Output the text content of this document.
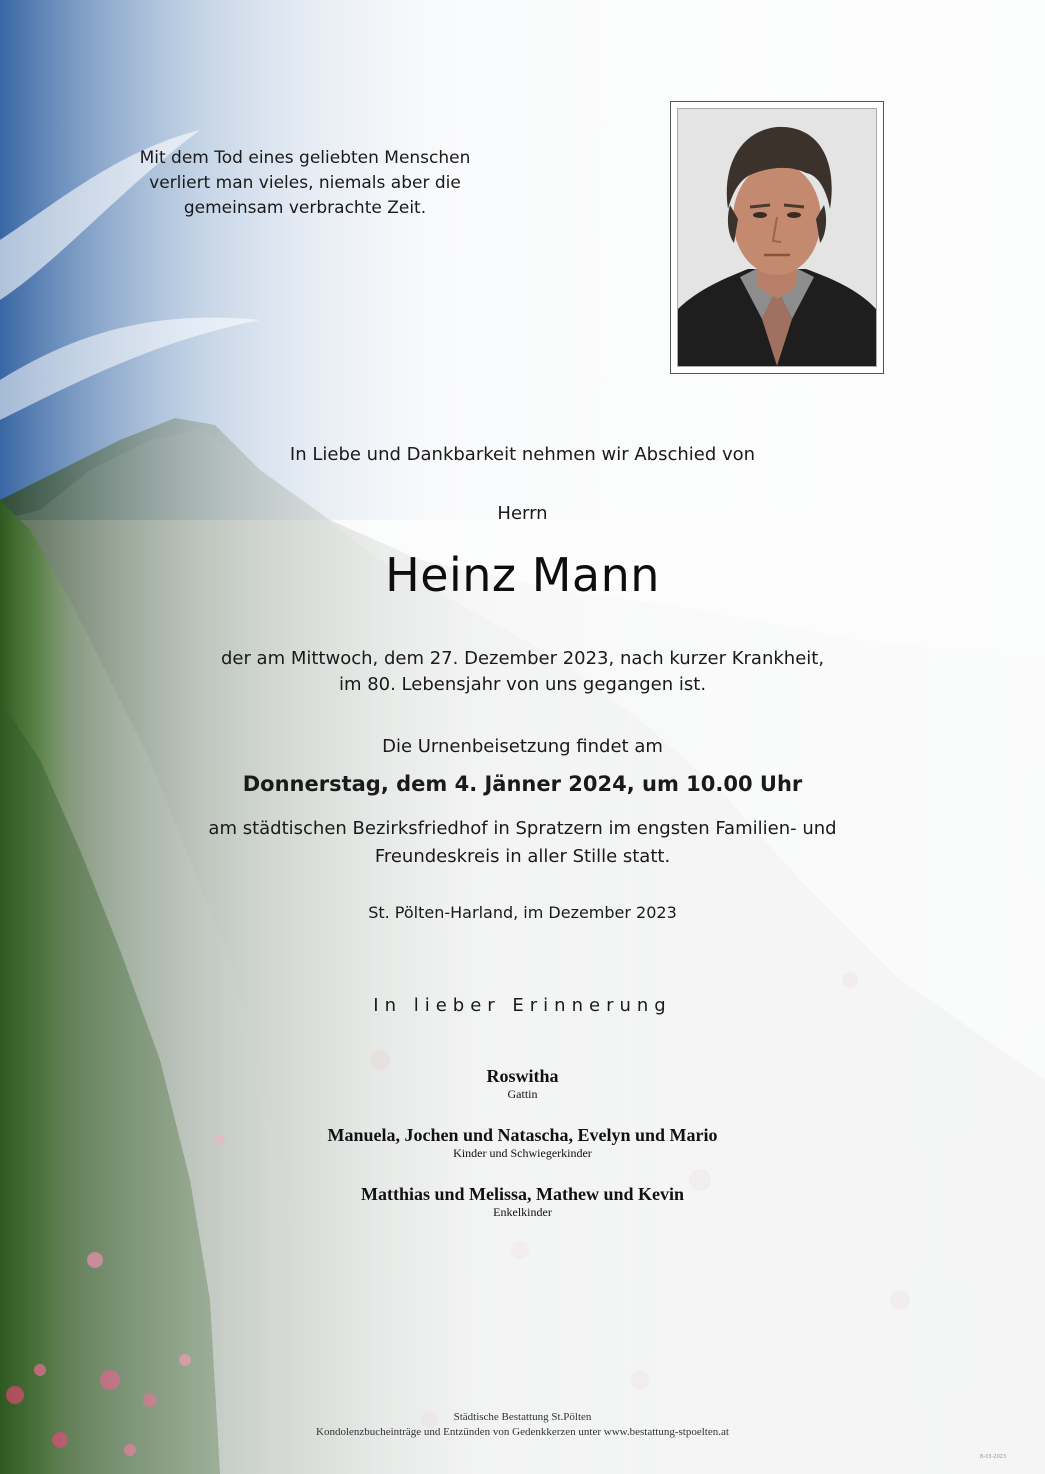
Mit dem Tod eines geliebten Menschen
verliert man vieles, niemals aber die
gemeinsam verbrachte Zeit.
In Liebe und Dankbarkeit nehmen wir Abschied von
Herrn
Heinz Mann
der am Mittwoch, dem 27. Dezember 2023, nach kurzer Krankheit,
im 80. Lebensjahr von uns gegangen ist.
Die Urnenbeisetzung findet am
Donnerstag, dem 4. Jänner 2024, um 10.00 Uhr
am städtischen Bezirksfriedhof in Spratzern im engsten Familien- und
Freundeskreis in aller Stille statt.
St. Pölten-Harland, im Dezember 2023
In lieber Erinnerung
Roswitha
Gattin
Manuela, Jochen und Natascha, Evelyn und Mario
Kinder und Schwiegerkinder
Matthias und Melissa, Mathew und Kevin
Enkelkinder
Städtische Bestattung St.Pölten
Kondolenzbucheinträge und Entzünden von Gedenkkerzen unter www.bestattung-stpoelten.at
B-03-2023
